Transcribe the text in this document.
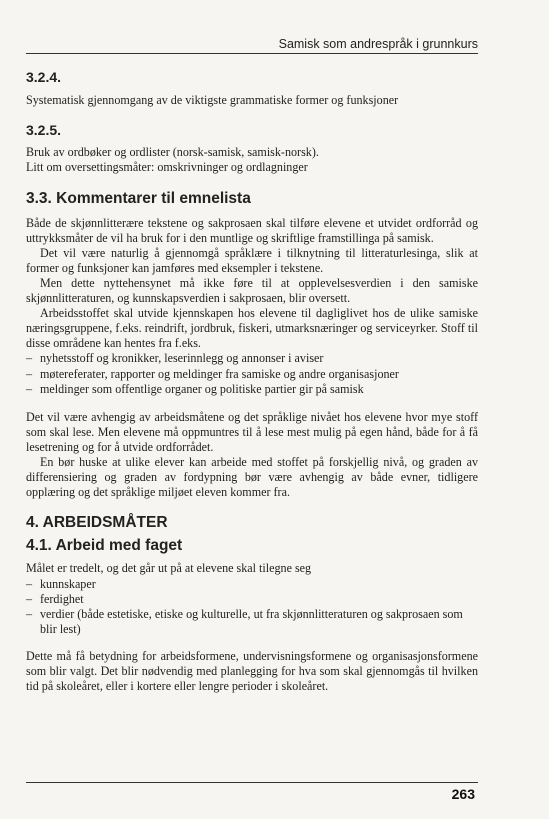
Samisk som andrespråk i grunnkurs
3.2.4.

Systematisk gjennomgang av de viktigste grammatiske former og funksjoner

3.2.5.

Bruk av ordbøker og ordlister (norsk-samisk, samisk-norsk).

Litt om oversettingsmåter: omskrivninger og ordlagninger

3.3. Kommentarer til emnelista

Både de skjønnlitterære tekstene og sakprosaen skal tilføre elevene et utvidet ordforråd og uttrykksmåter de vil ha bruk for i den muntlige og skriftlige framstillinga på samisk.

Det vil være naturlig å gjennomgå språklære i tilknytning til litteraturlesinga, slik at former og funksjoner kan jamføres med eksempler i tekstene.

Men dette nyttehensynet må ikke føre til at opplevelsesverdien i den samiske skjønnlitteraturen, og kunnskapsverdien i sakprosaen, blir oversett.

Arbeidsstoffet skal utvide kjennskapen hos elevene til dagliglivet hos de ulike samiske næringsgruppene, f.eks. reindrift, jordbruk, fiskeri, utmarksnæringer og serviceyrker. Stoff til disse områdene kan hentes fra f.eks.

– nyhetsstoff og kronikker, leserinnlegg og annonser i aviser

– møtereferater, rapporter og meldinger fra samiske og andre organisasjoner

– meldinger som offentlige organer og politiske partier gir på samisk

Det vil være avhengig av arbeidsmåtene og det språklige nivået hos elevene hvor mye stoff som skal lese. Men elevene må oppmuntres til å lese mest mulig på egen hånd, både for å få lesetrening og for å utvide ordforrådet.

En bør huske at ulike elever kan arbeide med stoffet på forskjellig nivå, og graden av differensiering og graden av fordypning bør være avhengig av både evner, tidligere opplæring og det språklige miljøet eleven kommer fra.

4. ARBEIDSMÅTER
4.1. Arbeid med faget

Målet er tredelt, og det går ut på at elevene skal tilegne seg

– kunnskaper

– ferdighet

– verdier (både estetiske, etiske og kulturelle, ut fra skjønnlitteraturen og sakprosaen som blir lest)

Dette må få betydning for arbeidsformene, undervisningsformene og organisasjonsformene som blir valgt. Det blir nødvendig med planlegging for hva som skal gjennomgås til hvilken tid på skoleåret, eller i kortere eller lengre perioder i skoleåret.

263
